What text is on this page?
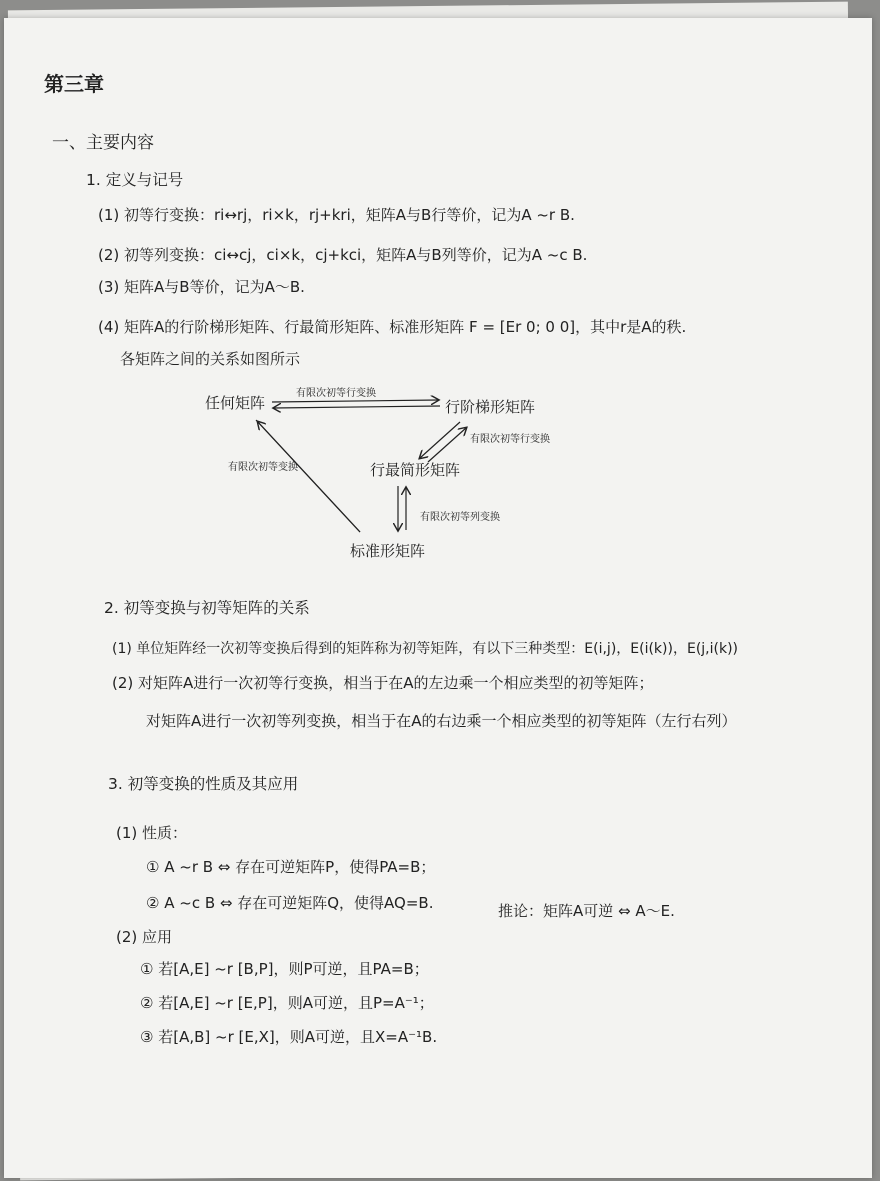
第三章
一、主要内容
1. 定义与记号
(1) 初等行变换：ri↔rj，ri×k，rj+kri，矩阵A与B行等价，记为A ~r B.
(2) 初等列变换：ci↔cj，ci×k，cj+kci，矩阵A与B列等价，记为A ~c B.
(3) 矩阵A与B等价，记为A～B.
(4) 矩阵A的行阶梯形矩阵、行最简形矩阵、标准形矩阵 F = [Er 0; 0 0]，其中r是A的秩.
各矩阵之间的关系如图所示
任何矩阵	行阶梯形矩阵
行最简形矩阵
标准形矩阵
有限次初等行变换
有限次初等行变换
有限次初等列变换
有限次初等变换
2. 初等变换与初等矩阵的关系
(1) 单位矩阵经一次初等变换后得到的矩阵称为初等矩阵，有以下三种类型：E(i,j)，E(i(k))，E(j,i(k))
(2) 对矩阵A进行一次初等行变换，相当于在A的左边乘一个相应类型的初等矩阵；
对矩阵A进行一次初等列变换，相当于在A的右边乘一个相应类型的初等矩阵（左行右列）
3. 初等变换的性质及其应用
(1) 性质：
① A ~r B ⇔ 存在可逆矩阵P，使得PA=B；
② A ~c B ⇔ 存在可逆矩阵Q，使得AQ=B.	推论：矩阵A可逆 ⇔ A～E.
(2) 应用
① 若[A,E] ~r [B,P]，则P可逆，且PA=B；
② 若[A,E] ~r [E,P]，则A可逆，且P=A⁻¹；
③ 若[A,B] ~r [E,X]，则A可逆，且X=A⁻¹B.
